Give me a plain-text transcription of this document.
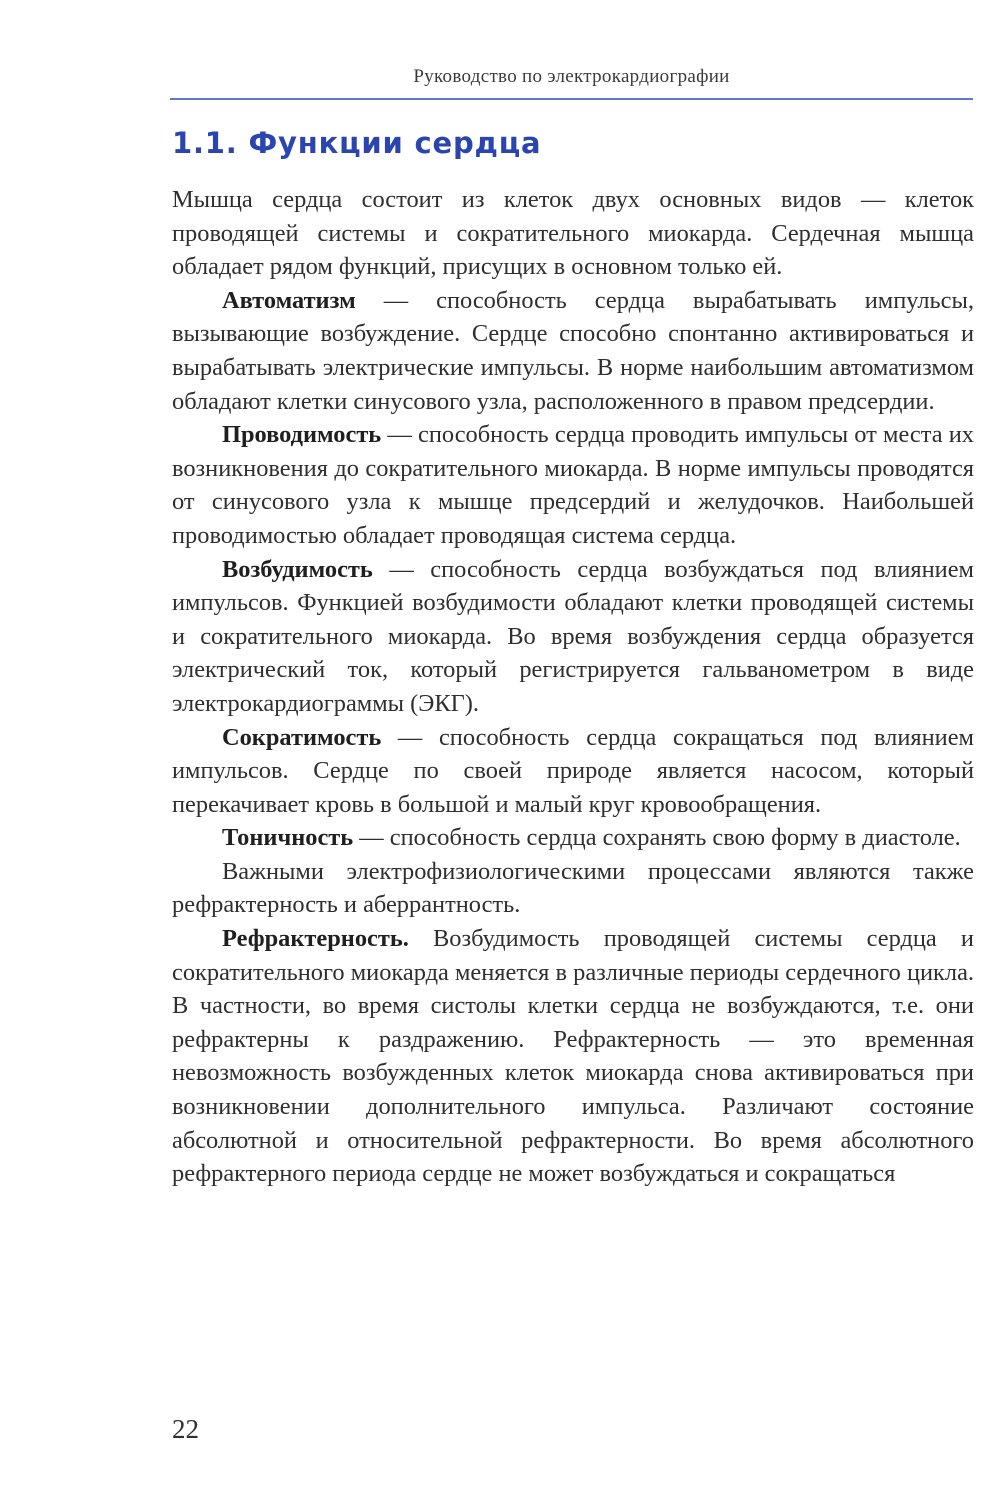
Руководство по электрокардиографии
1.1. Функции сердца

Мышца сердца состоит из клеток двух основных видов — клеток проводящей системы и сократительного миокарда. Сердечная мышца обладает рядом функций, присущих в основном только ей.

Автоматизм — способность сердца вырабатывать импульсы, вызывающие возбуждение. Сердце способно спонтанно активироваться и вырабатывать электрические импульсы. В норме наибольшим автоматизмом обладают клетки синусового узла, расположенного в правом предсердии.

Проводимость — способность сердца проводить импульсы от места их возникновения до сократительного миокарда. В норме импульсы проводятся от синусового узла к мышце предсердий и желудочков. Наибольшей проводимостью обладает проводящая система сердца.

Возбудимость — способность сердца возбуждаться под влиянием импульсов. Функцией возбудимости обладают клетки проводящей системы и сократительного миокарда. Во время возбуждения сердца образуется электрический ток, который регистрируется гальванометром в виде электрокардиограммы (ЭКГ).

Сократимость — способность сердца сокращаться под влиянием импульсов. Сердце по своей природе является насосом, который перекачивает кровь в большой и малый круг кровообращения.

Тоничность — способность сердца сохранять свою форму в диастоле.

Важными электрофизиологическими процессами являются также рефрактерность и аберрантность.

Рефрактерность. Возбудимость проводящей системы сердца и сократительного миокарда меняется в различные периоды сердечного цикла. В частности, во время систолы клетки сердца не возбуждаются, т.е. они рефрактерны к раздражению. Рефрактерность — это временная невозможность возбужденных клеток миокарда снова активироваться при возникновении дополнительного импульса. Различают состояние абсолютной и относительной рефрактерности. Во время абсолютного рефрактерного периода сердце не может возбуждаться и сокращаться

22
